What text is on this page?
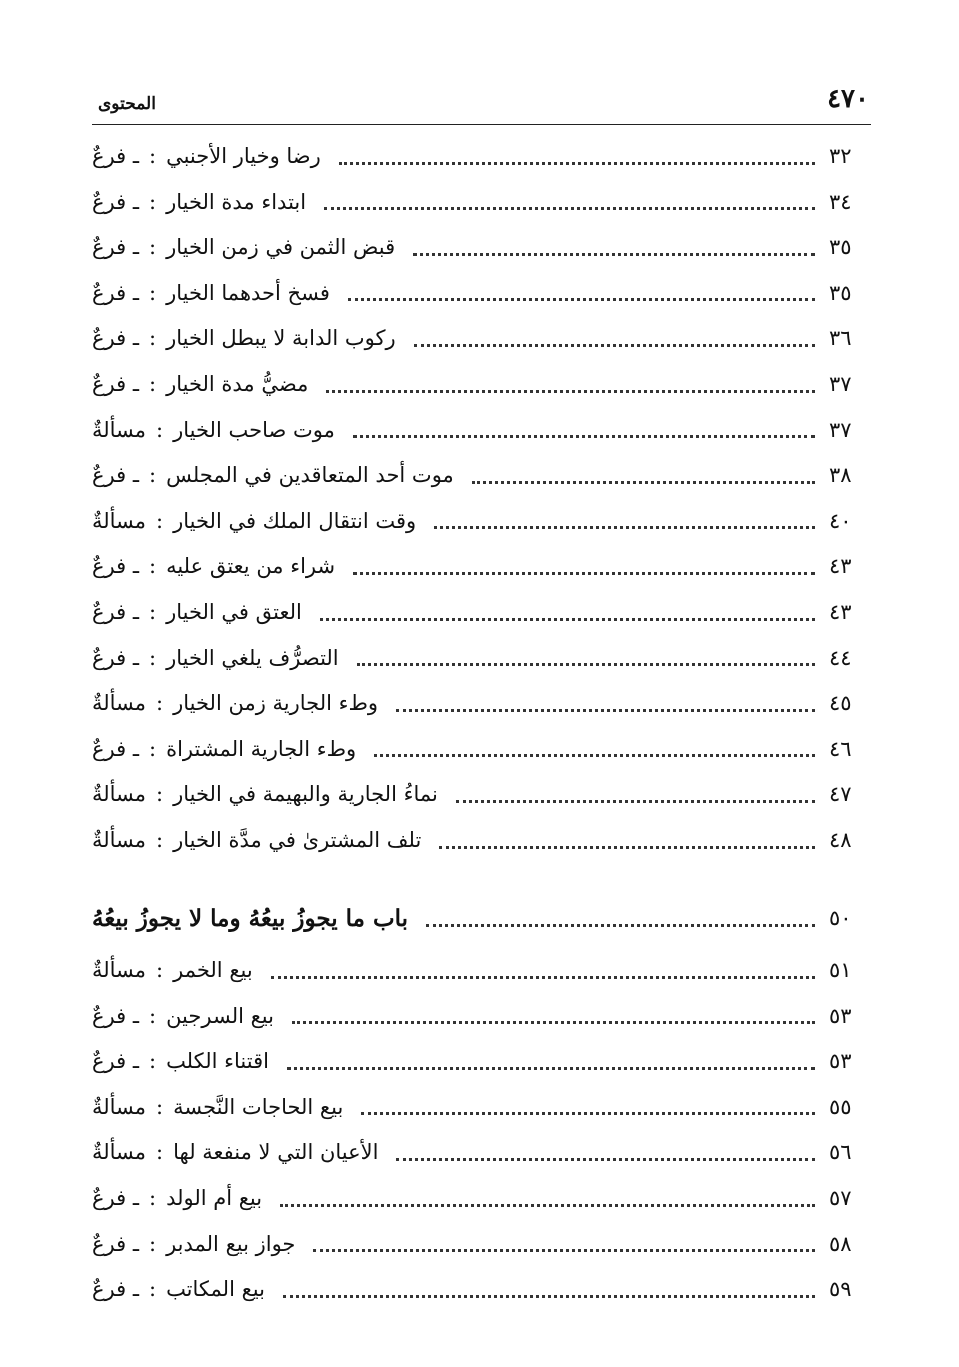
٤٧٠
المحتوى
ـ فرعٌ : رضا وخيار الأجنبي	٣٢
ـ فرعٌ : ابتداء مدة الخيار	٣٤
ـ فرعٌ : قبض الثمن في زمن الخيار	٣٥
ـ فرعٌ : فسخ أحدهما الخيار	٣٥
ـ فرعٌ : ركوب الدابة لا يبطل الخيار	٣٦
ـ فرعٌ : مضيُّ مدة الخيار	٣٧
مسألةٌ : موت صاحب الخيار	٣٧
ـ فرعٌ : موت أحد المتعاقدين في المجلس	٣٨
مسألةٌ : وقت انتقال الملك في الخيار	٤٠
ـ فرعٌ : شراء من يعتق عليه	٤٣
ـ فرعٌ : العتق في الخيار	٤٣
ـ فرعٌ : التصرُّف يلغي الخيار	٤٤
مسألةٌ : وطء الجارية زمن الخيار	٤٥
ـ فرعٌ : وطء الجارية المشتراة	٤٦
مسألةٌ : نماءُ الجارية والبهيمة في الخيار	٤٧
مسألةٌ : تلف المشترىٰ في مدَّة الخيار	٤٨
باب ما يجوزُ بيعُهُ وما لا يجوزُ بيعُهُ	٥٠
مسألةٌ : بيع الخمر	٥١
ـ فرعٌ : بيع السرجين	٥٣
ـ فرعٌ : اقتناء الكلب	٥٣
مسألةٌ : بيع الحاجات النَّجسة	٥٥
مسألةٌ : الأعيان التي لا منفعة لها	٥٦
ـ فرعٌ : بيع أم الولد	٥٧
ـ فرعٌ : جواز بيع المدبر	٥٨
ـ فرعٌ : بيع المكاتب	٥٩
